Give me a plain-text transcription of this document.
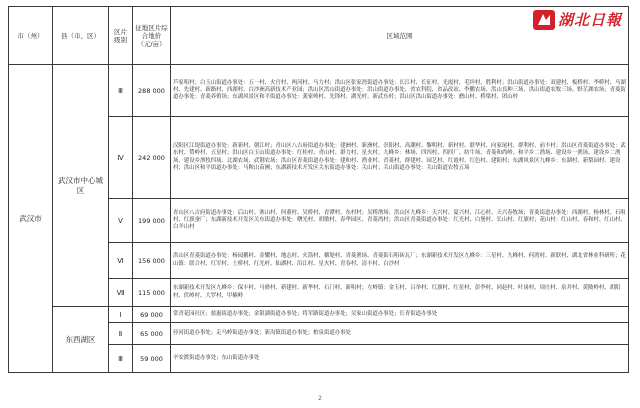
市（州）	县（市、区）	区片级别	征地区片综合地价（元/亩）	区域范围
湖北日報

武汉市	武汉市中心城区	Ⅲ	288 000	芦家咀村；白玉山街道办事处：五一村、火官村、两河村、马力村；洪山区张家湾街道办事处：长江村、长征村、光霞村、毛坦村、胜利村；洪山街道办事处：双建村、板桥村、李桥村、马湖村、先建村、新路村、西湖村、白沙洲高新技术产业园；洪山区洪山街道办事处：洪山街道办事处、省农科院、省品改站、李鹏农场、洪山良种三场、洪山街道农牧三场、野芷湖农场；青菱街道办事处：青菱养殖场；东湖风景区和平街道办事处：龚家岭村、先锋村、湖光村、新武东村；洪山区洪山街道办事处：磨山村、桥梁村、团山村
		Ⅳ	242 000	汉阳区江堤街道办事处：新新村、朝江村；青山区八吉府街道办事处：建洲村、新洲村、崇阳村、高潮村、黎明村、新村村、联华村、向家尾村、群利村、前丰村；洪山区青菱街道办事处：武东村、赞岭村、五星村；洪山区白玉山街道办事处：红桂村、青山村、群力村、星火村、九峰乡：林场、四四村、四四厂、纺牛场、青菱和尚岭、和平乡二渔场、建设乡一渔场、建设乡二渔场、建设乡渔牧四场、北湖农场、武钢农场；洪山区青菱街道办事处：建和村、渔业村、青菱村、群建村、园艺村、红霞村、红色村、建阳村；东湖风景区九峰乡：东湖村、新梨园村、建设村；洪山区和平街道办事处：马鞍山苗圃；东湖新技术开发区关东街道办事处：关山村；关山街道办事处：关山街道农牧五场
		Ⅴ	199 000	青山区八吉府街道办事处：后山村、寨山村、何董村、吴桥村、青潭村、东村村；吴桥渔场；洪山区九峰乡：天兴村、夏兴村、江心村、天兴春牧场；青菱街道办事处：西湖村、杨林村、石咀村、红旗蚕厂；东湖新技术开发区关东街道办事处：曙光村、胡敏村、春华园区、青菱湾村；洪山区青菱街道办事处：红光村、白堡村、长山村、红旗村；花山村：红山村、春和村、红山村、白羊山村
		Ⅵ	156 000	洪山区青菱街道办事处：杨园鹅村、金耀村、地志村、火箭村、横堤村、青菱渔场、青菱街石咀砖瓦厂；东湖新技术开发区九峰乡：三星村、九峰村、何湾村、新联村、湖北省林业科研所；花山镇：联合村、红军村、土桥村、红光村、仙湖村、沿江村、星火村、青春村、清丰村、白沙村
		Ⅶ	115 000	东湖新技术开发区九峰乡：保丰村、马驿村、新建村、新华村、石门村、新咀村；左岭镇：金玉村、吕举村、红旗村、红星村、彭李村、同赵村、叶岗村、周庄村、泉井村、黄陂岭村、胡阳村、伏岭村、大罗村、甲楠岭
	东西湖区	Ⅰ	69 000	常青花园社区；慈惠街道办事处；金银湖街道办事处；将军路街道办事处；吴家山街道办事处；长青街道办事处
		Ⅱ	65 000	径河街道办事处；走马岭街道办事处；新沟镇街道办事处；柏泉街道办事处
		Ⅲ	59 000	辛安渡街道办事处；东山街道办事处
2
